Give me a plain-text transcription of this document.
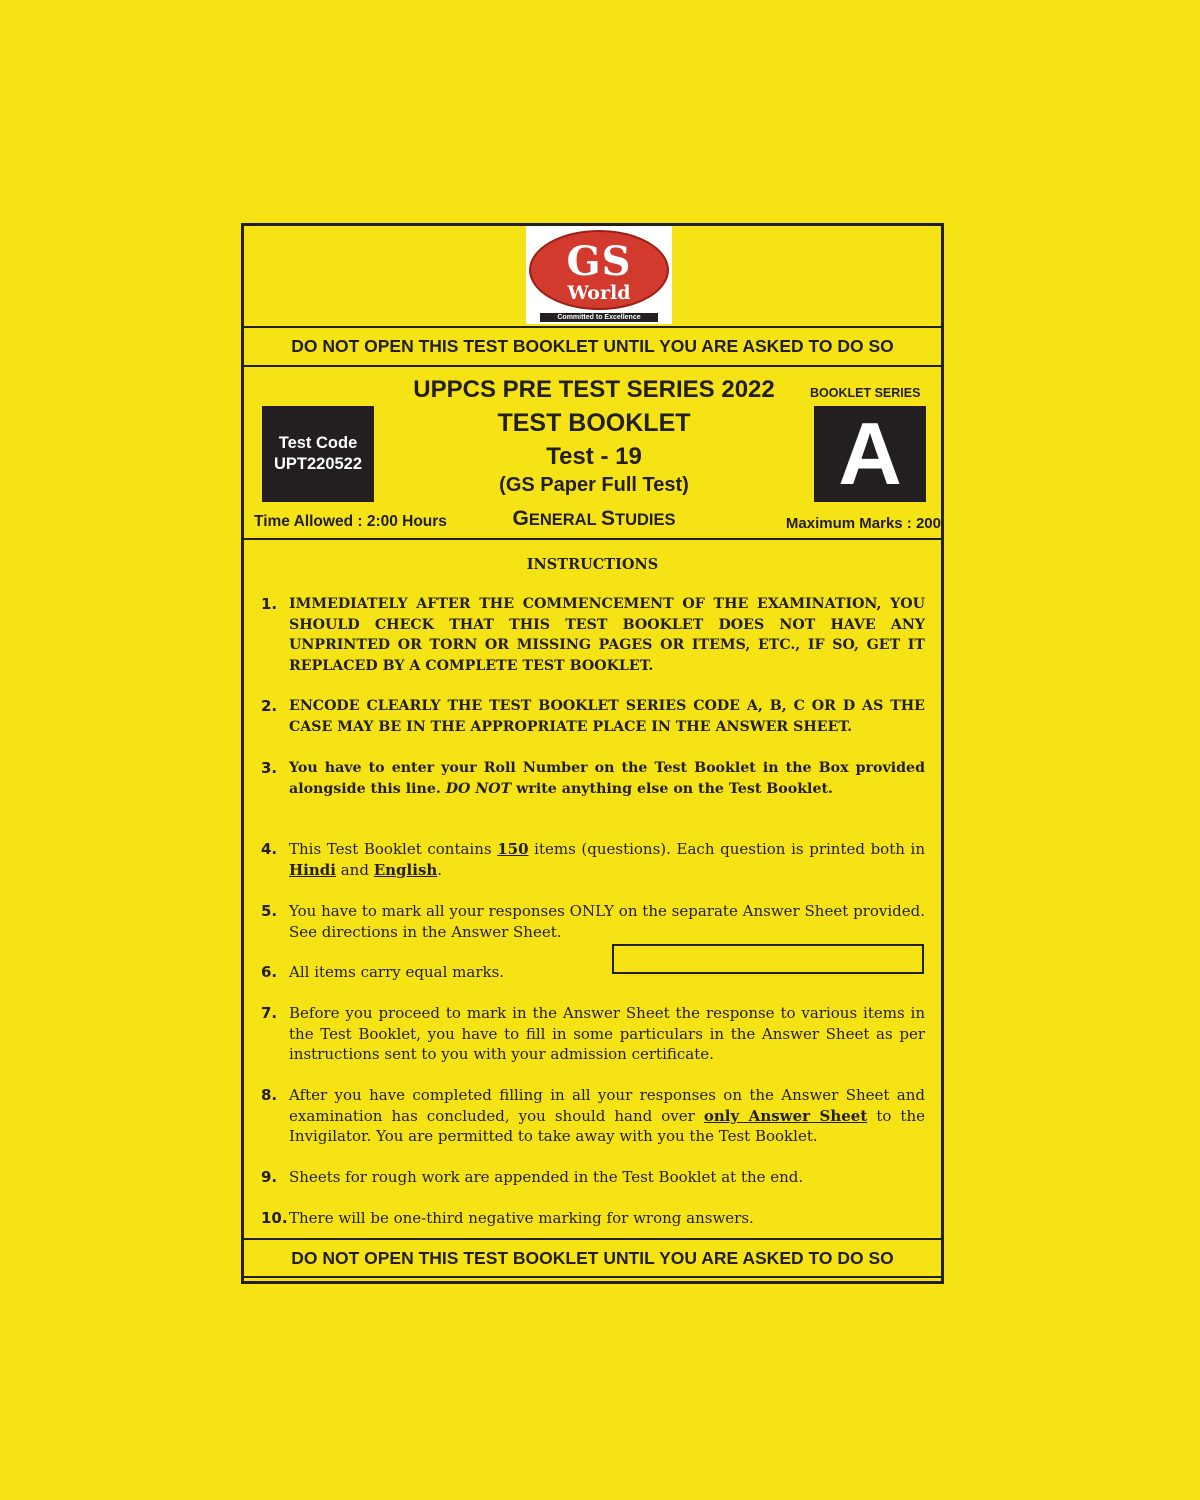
GS
World
Committed to Excellence
DO NOT OPEN THIS TEST BOOKLET UNTIL YOU ARE ASKED TO DO SO
UPPCS PRE TEST SERIES 2022
TEST BOOKLET
Test - 19
(GS Paper Full Test)
Test Code
UPT220522
BOOKLET SERIES
A
Time Allowed : 2:00 Hours	GENERAL STUDIES	Maximum Marks : 200
INSTRUCTIONS
1. IMMEDIATELY AFTER THE COMMENCEMENT OF THE EXAMINATION, YOU SHOULD CHECK THAT THIS TEST BOOKLET DOES NOT HAVE ANY UNPRINTED OR TORN OR MISSING PAGES OR ITEMS, ETC., IF SO, GET IT REPLACED BY A COMPLETE TEST BOOKLET.
2. ENCODE CLEARLY THE TEST BOOKLET SERIES CODE A, B, C OR D AS THE CASE MAY BE IN THE APPROPRIATE PLACE IN THE ANSWER SHEET.
3. You have to enter your Roll Number on the Test Booklet in the Box provided alongside this line. DO NOT write anything else on the Test Booklet.
4. This Test Booklet contains 150 items (questions). Each question is printed both in Hindi and English.
5. You have to mark all your responses ONLY on the separate Answer Sheet provided. See directions in the Answer Sheet.
6. All items carry equal marks.
7. Before you proceed to mark in the Answer Sheet the response to various items in the Test Booklet, you have to fill in some particulars in the Answer Sheet as per instructions sent to you with your admission certificate.
8. After you have completed filling in all your responses on the Answer Sheet and examination has concluded, you should hand over only Answer Sheet to the Invigilator. You are permitted to take away with you the Test Booklet.
9. Sheets for rough work are appended in the Test Booklet at the end.
10. There will be one-third negative marking for wrong answers.
DO NOT OPEN THIS TEST BOOKLET UNTIL YOU ARE ASKED TO DO SO
